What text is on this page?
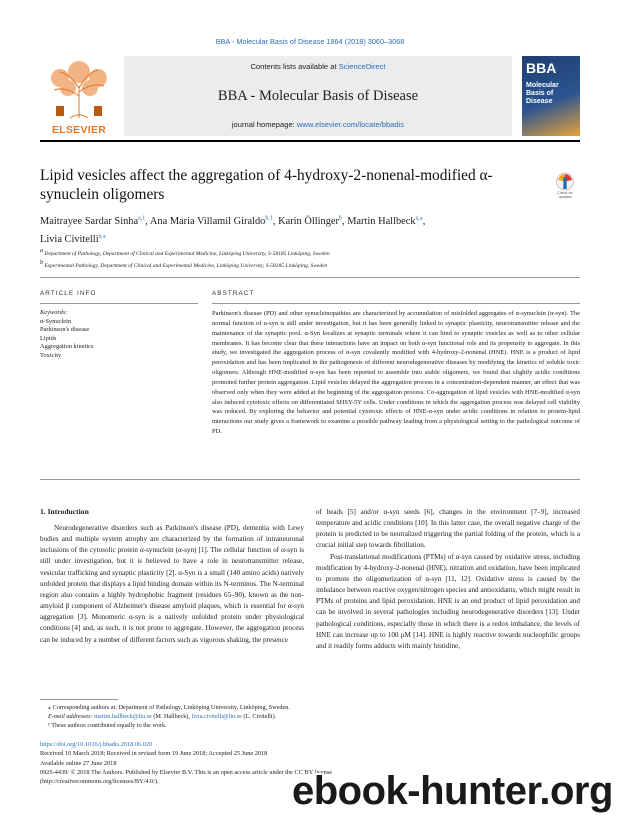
BBA - Molecular Basis of Disease 1864 (2018) 3060–3068
ELSEVIER
Contents lists available at ScienceDirect
BBA - Molecular Basis of Disease
journal homepage: www.elsevier.com/locate/bbadis
BBA
Molecular
Basis of
Disease
Lipid vesicles affect the aggregation of 4-hydroxy-2-nonenal-modified α-synuclein oligomers	Check for
updates
Maitrayee Sardar Sinha$^{a,1}$, Ana Maria Villamil Giraldo$^{b,1}$, Karin Öllinger$^b$, Martin Hallbeck$^{a,⁎}$,
Livia Civitelli$^{a,⁎}$
$^a$ Department of Pathology, Department of Clinical and Experimental Medicine, Linköping University, S-58185 Linköping, Sweden
$^b$ Experimental Pathology, Department of Clinical and Experimental Medicine, Linköping University, S-58185 Linköping, Sweden
ARTICLE INFO	ABSTRACT
Keywords:
α-Synuclein
Parkinson's disease
Lipids
Aggregation kinetics
Toxicity
Parkinson's disease (PD) and other synucleinopathies are characterized by accumulation of misfolded aggregates of α-synuclein (α-syn). The normal function of α-syn is still under investigation, but it has been generally linked to synaptic plasticity, neurotransmitter release and the maintenance of the synaptic pool. α-Syn localizes at synaptic terminals where it can bind to synaptic vesicles as well as to other cellular membranes. It has become clear that these interactions have an impact on both α-syn functional role and its propensity to aggregate. In this study, we investigated the aggregation process of α-syn covalently modified with 4-hydroxy-2-nonenal (HNE). HNE is a product of lipid peroxidation and has been implicated in the pathogenesis of different neurodegenerative diseases by modifying the kinetics of soluble toxic oligomers. Although HNE-modified α-syn has been reported to assemble into stable oligomers, we found that slightly acidic conditions promoted further protein aggregation. Lipid vesicles delayed the aggregation process in a concentration-dependent manner, an effect that was observed only when they were added at the beginning of the aggregation process. Co-aggregation of lipid vesicles with HNE-modified α-syn also induced cytotoxic effects on differentiated SHSY-5Y cells. Under conditions in which the aggregation process was delayed cell viability was reduced. By exploring the behavior and potential cytotoxic effects of HNE-α-syn under acidic conditions in relation to protein-lipid interactions our study gives a framework to examine a possible pathway leading from a physiological setting to the pathological outcome of PD.
1. Introduction

Neurodegenerative disorders such as Parkinson's disease (PD), dementia with Lewy bodies and multiple system atrophy are characterized by the formation of intraneuronal inclusions of the cytosolic protein α-synuclein (α-syn) [1]. The cellular function of α-syn is still under investigation, but it is believed to have a role in neurotransmitter release, vesicular trafficking and synaptic plasticity [2]. α-Syn is a small (140 amino acids) natively unfolded protein that displays a lipid binding domain within its N-terminus. The N-terminal region also contains a highly hydrophobic fragment (residues 65–90), known as the non-amyloid β component of Alzheimer's disease amyloid plaques, which is essential for α-syn aggregation [3]. Monomeric α-syn is a natively unfolded protein under physiological conditions [4] and, as such, it is not prone to aggregate. However, the aggregation process can be induced by a number of different factors such as vigorous shaking, the presence

of beads [5] and/or α-syn seeds [6], changes in the environment [7–9], increased temperature and acidic conditions [10]. In this latter case, the overall negative charge of the protein is predicted to be neutralized triggering the partial folding of the protein, which is a crucial initial step towards fibrillation.

Post-translational modifications (PTMs) of α-syn caused by oxidative stress, including modification by 4-hydroxy-2-nonenal (HNE), nitration and oxidation, have been implicated to promote the oligomerization of α-syn [11, 12]. Oxidative stress is caused by the imbalance between reactive oxygen/nitrogen species and antioxidants, which might result in PTMs of proteins and lipid peroxidation. HNE is an end product of lipid peroxidation and can be involved in several pathologies including neurodegenerative disorders [13]. Under pathological conditions, especially those in which there is a redox imbalance, the levels of HNE can increase up to 100 μM [14]. HNE is highly reactive towards nucleophilic groups and it readily forms adducts with mainly histidine,

⁎ Corresponding authors at: Department of Pathology, Linköping University, Linköping, Sweden.
E-mail addresses: martin.hallbeck@liu.se (M. Hallbeck), livia.civitelli@liu.se (L. Civitelli).
¹ These authors contributed equally to the work.
https://doi.org/10.1016/j.bbadis.2018.06.020
Received 10 March 2018; Received in revised form 19 June 2018; Accepted 25 June 2018
Available online 27 June 2018
0925-4439/ © 2018 The Authors. Published by Elsevier B.V. This is an open access article under the CC BY license
(http://creativecommons.org/licenses/BY/4.0/).	ebook-hunter.org
